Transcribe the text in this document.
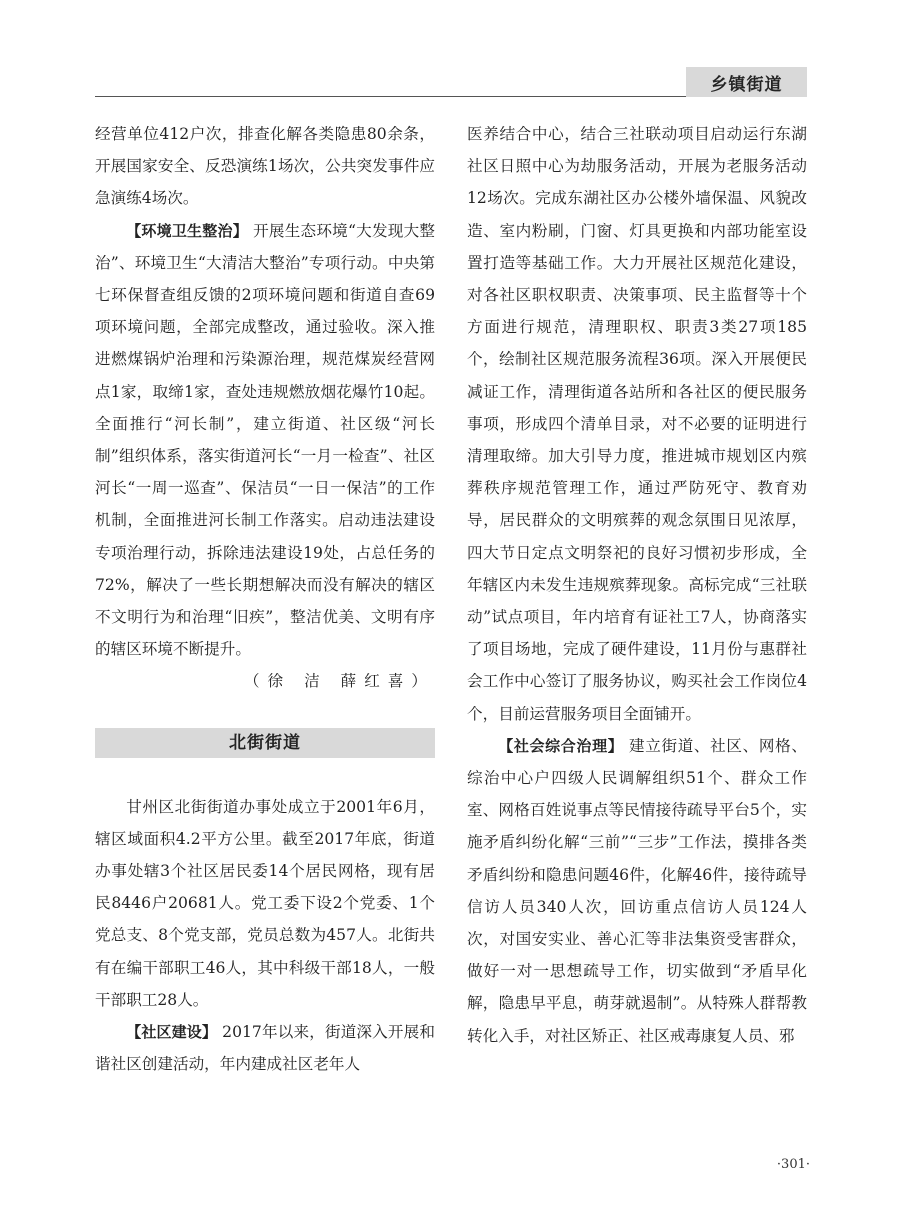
乡镇街道

经营单位412户次，排查化解各类隐患80余条，开展国家安全、反恐演练1场次，公共突发事件应急演练4场次。

【环境卫生整治】 开展生态环境“大发现大整治”、环境卫生“大清洁大整治”专项行动。中央第七环保督查组反馈的2项环境问题和街道自查69项环境问题，全部完成整改，通过验收。深入推进燃煤锅炉治理和污染源治理，规范煤炭经营网点1家，取缔1家，查处违规燃放烟花爆竹10起。全面推行“河长制”，建立街道、社区级“河长制”组织体系，落实街道河长“一月一检查”、社区河长“一周一巡查”、保洁员“一日一保洁”的工作机制，全面推进河长制工作落实。启动违法建设专项治理行动，拆除违法建设19处，占总任务的72%，解决了一些长期想解决而没有解决的辖区不文明行为和治理“旧疾”，整洁优美、文明有序的辖区环境不断提升。

（徐 洁 薛红喜）

北街街道

甘州区北街街道办事处成立于2001年6月，辖区域面积4.2平方公里。截至2017年底，街道办事处辖3个社区居民委14个居民网格，现有居民8446户20681人。党工委下设2个党委、1个党总支、8个党支部，党员总数为457人。北街共有在编干部职工46人，其中科级干部18人，一般干部职工28人。

【社区建设】 2017年以来，街道深入开展和谐社区创建活动，年内建成社区老年人

医养结合中心，结合三社联动项目启动运行东湖社区日照中心为劫服务活动，开展为老服务活动12场次。完成东湖社区办公楼外墙保温、风貌改造、室内粉刷，门窗、灯具更换和内部功能室设置打造等基础工作。大力开展社区规范化建设，对各社区职权职责、决策事项、民主监督等十个方面进行规范，清理职权、职责3类27项185个，绘制社区规范服务流程36项。深入开展便民减证工作，清理街道各站所和各社区的便民服务事项，形成四个清单目录，对不必要的证明进行清理取缔。加大引导力度，推进城市规划区内殡葬秩序规范管理工作，通过严防死守、教育劝导，居民群众的文明殡葬的观念氛围日见浓厚，四大节日定点文明祭祀的良好习惯初步形成，全年辖区内未发生违规殡葬现象。高标完成“三社联动”试点项目，年内培育有证社工7人，协商落实了项目场地，完成了硬件建设，11月份与惠群社会工作中心签订了服务协议，购买社会工作岗位4个，目前运营服务项目全面铺开。

【社会综合治理】 建立街道、社区、网格、综治中心户四级人民调解组织51个、群众工作室、网格百姓说事点等民情接待疏导平台5个，实施矛盾纠纷化解“三前”“三步”工作法，摸排各类矛盾纠纷和隐患问题46件，化解46件，接待疏导信访人员340人次，回访重点信访人员124人次，对国安实业、善心汇等非法集资受害群众，做好一对一思想疏导工作，切实做到“矛盾早化解，隐患早平息，萌芽就遏制”。从特殊人群帮教转化入手，对社区矫正、社区戒毒康复人员、邪

·301·
